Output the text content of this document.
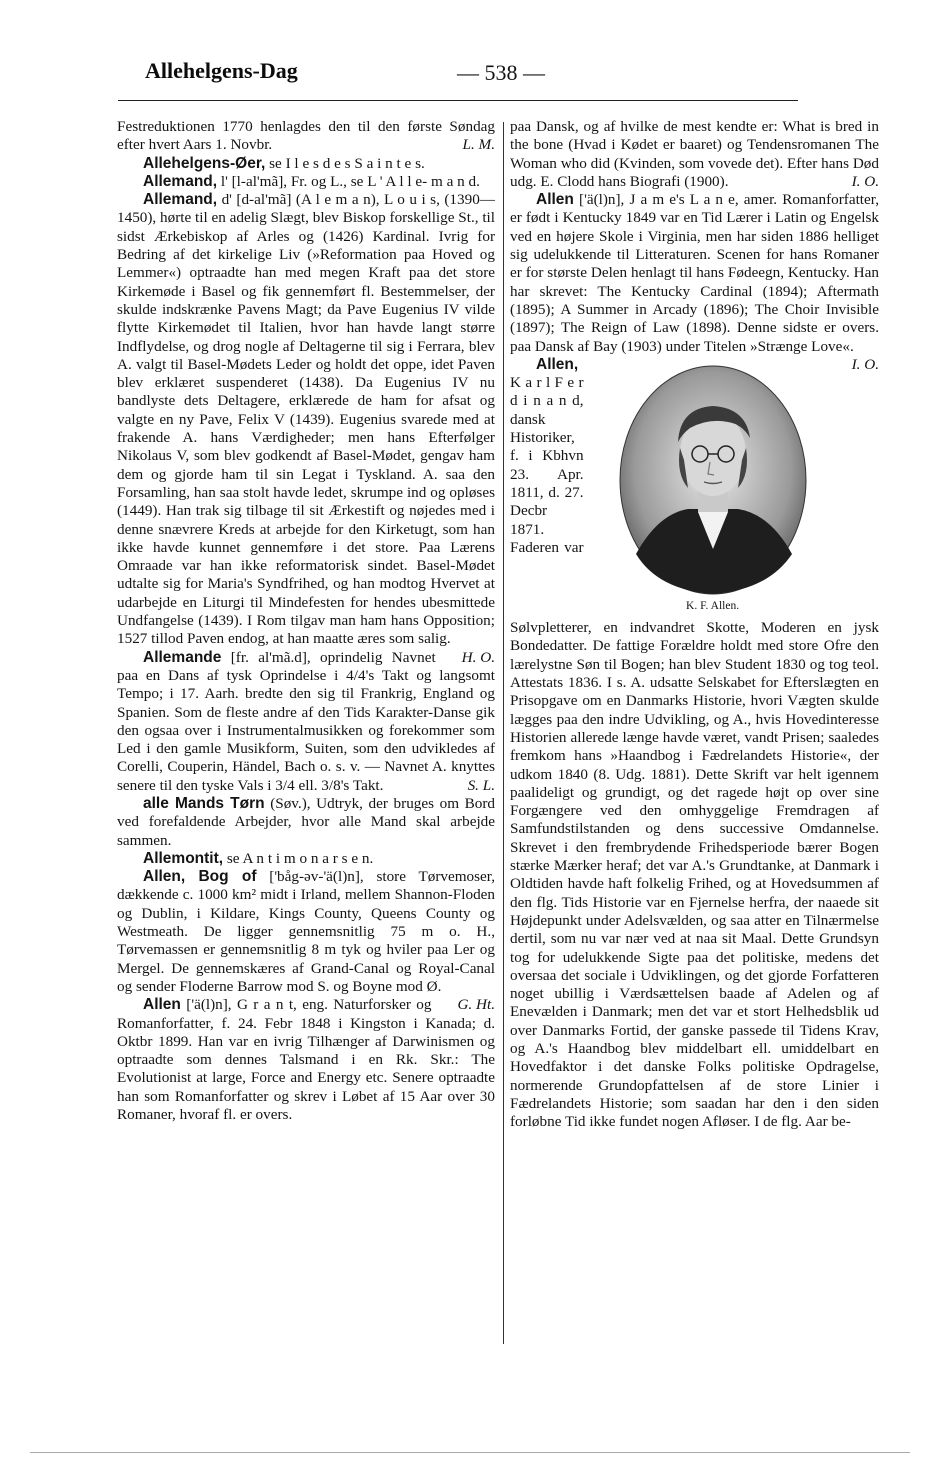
Allehelgens-Dag	— 538 —

Festreduktionen 1770 henlagdes den til den første Søndag efter hvert Aars 1. Novbr.	L. M.

Allehelgens-Øer, se I l e s d e s S a i n t e s.

Allemand, l' [l-al'mã], Fr. og L., se L ' A l l e- m a n d.

Allemand, d' [d-al'mã] (A l e m a n), L o u i s, (1390—1450), hørte til en adelig Slægt, blev Biskop forskellige St., til sidst Ærkebiskop af Arles og (1426) Kardinal. Ivrig for Bedring af det kirkelige Liv (»Reformation paa Hoved og Lemmer«) optraadte han med megen Kraft paa det store Kirkemøde i Basel og fik gennemført fl. Bestemmelser, der skulde indskrænke Pavens Magt; da Pave Eugenius IV vilde flytte Kirkemødet til Italien, hvor han havde langt større Indflydelse, og drog nogle af Deltagerne til sig i Ferrara, blev A. valgt til Basel-Mødets Leder og holdt det oppe, idet Paven blev erklæret suspenderet (1438). Da Eugenius IV nu bandlyste dets Deltagere, erklærede de ham for afsat og valgte en ny Pave, Felix V (1439). Eugenius svarede med at frakende A. hans Værdigheder; men hans Efterfølger Nikolaus V, som blev godkendt af Basel-Mødet, gengav ham dem og gjorde ham til sin Legat i Tyskland. A. saa den Forsamling, han saa stolt havde ledet, skrumpe ind og opløses (1449). Han trak sig tilbage til sit Ærkestift og nøjedes med i denne snævrere Kreds at arbejde for den Kirketugt, som han ikke havde kunnet gennemføre i det store. Paa Lærens Omraade var han ikke reformatorisk sindet. Basel-Mødet udtalte sig for Maria's Syndfrihed, og han modtog Hvervet at udarbejde en Liturgi til Mindefesten for hendes ubesmittede Undfangelse (1439). I Rom tilgav man ham hans Opposition; 1527 tillod Paven endog, at han maatte æres som salig.
H. O.

Allemande [fr. al'mã.d], oprindelig Navnet paa en Dans af tysk Oprindelse i 4/4's Takt og langsomt Tempo; i 17. Aarh. bredte den sig til Frankrig, England og Spanien. Som de fleste andre af den Tids Karakter-Danse gik den ogsaa over i Instrumentalmusikken og forekommer som Led i den gamle Musikform, Suiten, som den udvikledes af Corelli, Couperin, Händel, Bach o. s. v. — Navnet A. knyttes senere til den tyske Vals i 3/4 ell. 3/8's Takt.	S. L.

alle Mands Tørn (Søv.), Udtryk, der bruges om Bord ved forefaldende Arbejder, hvor alle Mand skal arbejde sammen.

Allemontit, se A n t i m o n a r s e n.

Allen, Bog of ['båg-əv-'ä(l)n], store Tørvemoser, dækkende c. 1000 km² midt i Irland, mellem Shannon-Floden og Dublin, i Kildare, Kings County, Queens County og Westmeath. De ligger gennemsnitlig 75 m o. H., Tørvemassen er gennemsnitlig 8 m tyk og hviler paa Ler og Mergel. De gennemskæres af Grand-Canal og Royal-Canal og sender Floderne Barrow mod S. og Boyne mod Ø.
G. Ht.

Allen ['ä(l)n], G r a n t, eng. Naturforsker og Romanforfatter, f. 24. Febr 1848 i Kingston i Kanada; d. Oktbr 1899. Han var en ivrig Tilhænger af Darwinismen og optraadte som dennes Talsmand i en Rk. Skr.: The Evolutionist at large, Force and Energy etc. Senere optraadte han som Romanforfatter og skrev i Løbet af 15 Aar over 30 Romaner, hvoraf fl. er overs.

paa Dansk, og af hvilke de mest kendte er: What is bred in the bone (Hvad i Kødet er baaret) og Tendensromanen The Woman who did (Kvinden, som vovede det). Efter hans Død udg. E. Clodd hans Biografi (1900).	I. O.

Allen ['ä(l)n], J a m e's L a n e, amer. Romanforfatter, er født i Kentucky 1849 var en Tid Lærer i Latin og Engelsk ved en højere Skole i Virginia, men har siden 1886 helliget sig udelukkende til Litteraturen. Scenen for hans Romaner er for største Delen henlagt til hans Fødeegn, Kentucky. Han har skrevet: The Kentucky Cardinal (1894); Aftermath (1895); A Summer in Arcady (1896); The Choir Invisible (1897); The Reign of Law (1898). Denne sidste er overs. paa Dansk af Bay (1903) under Titelen »Strænge Love«.
I. O.

Allen,
K. F. Allen.
K a r l F e r d i n a n d, dansk Historiker, f. i Kbhvn 23. Apr. 1811, d. 27. Decbr 1871. Faderen var Sølvpletterer, en indvandret Skotte, Moderen en jysk Bondedatter. De fattige Forældre holdt med store Ofre den lærelystne Søn til Bogen; han blev Student 1830 og tog teol. Attestats 1836. I s. A. udsatte Selskabet for Efterslægten en Prisopgave om en Danmarks Historie, hvori Vægten skulde lægges paa den indre Udvikling, og A., hvis Hovedinteresse Historien allerede længe havde været, vandt Prisen; saaledes fremkom hans »Haandbog i Fædrelandets Historie«, der udkom 1840 (8. Udg. 1881). Dette Skrift var helt igennem paalideligt og grundigt, og det ragede højt op over sine Forgængere ved den omhyggelige Fremdragen af Samfundstilstanden og dens successive Omdannelse. Skrevet i den frembrydende Frihedsperiode bærer Bogen stærke Mærker heraf; det var A.'s Grundtanke, at Danmark i Oldtiden havde haft folkelig Frihed, og at Hovedsummen af den flg. Tids Historie var en Fjernelse herfra, der naaede sit Højdepunkt under Adelsvælden, og saa atter en Tilnærmelse dertil, som nu var nær ved at naa sit Maal. Dette Grundsyn tog for udelukkende Sigte paa det politiske, medens det oversaa det sociale i Udviklingen, og det gjorde Forfatteren noget ubillig i Værdsættelsen baade af Adelen og af Enevælden i Danmark; men det var et stort Helhedsblik ud over Danmarks Fortid, der ganske passede til Tidens Krav, og A.'s Haandbog blev middelbart ell. umiddelbart en Hovedfaktor i det danske Folks politiske Opdragelse, normerende Grundopfattelsen af de store Linier i Fædrelandets Historie; som saadan har den i den siden forløbne Tid ikke fundet nogen Afløser. I de flg. Aar be-
